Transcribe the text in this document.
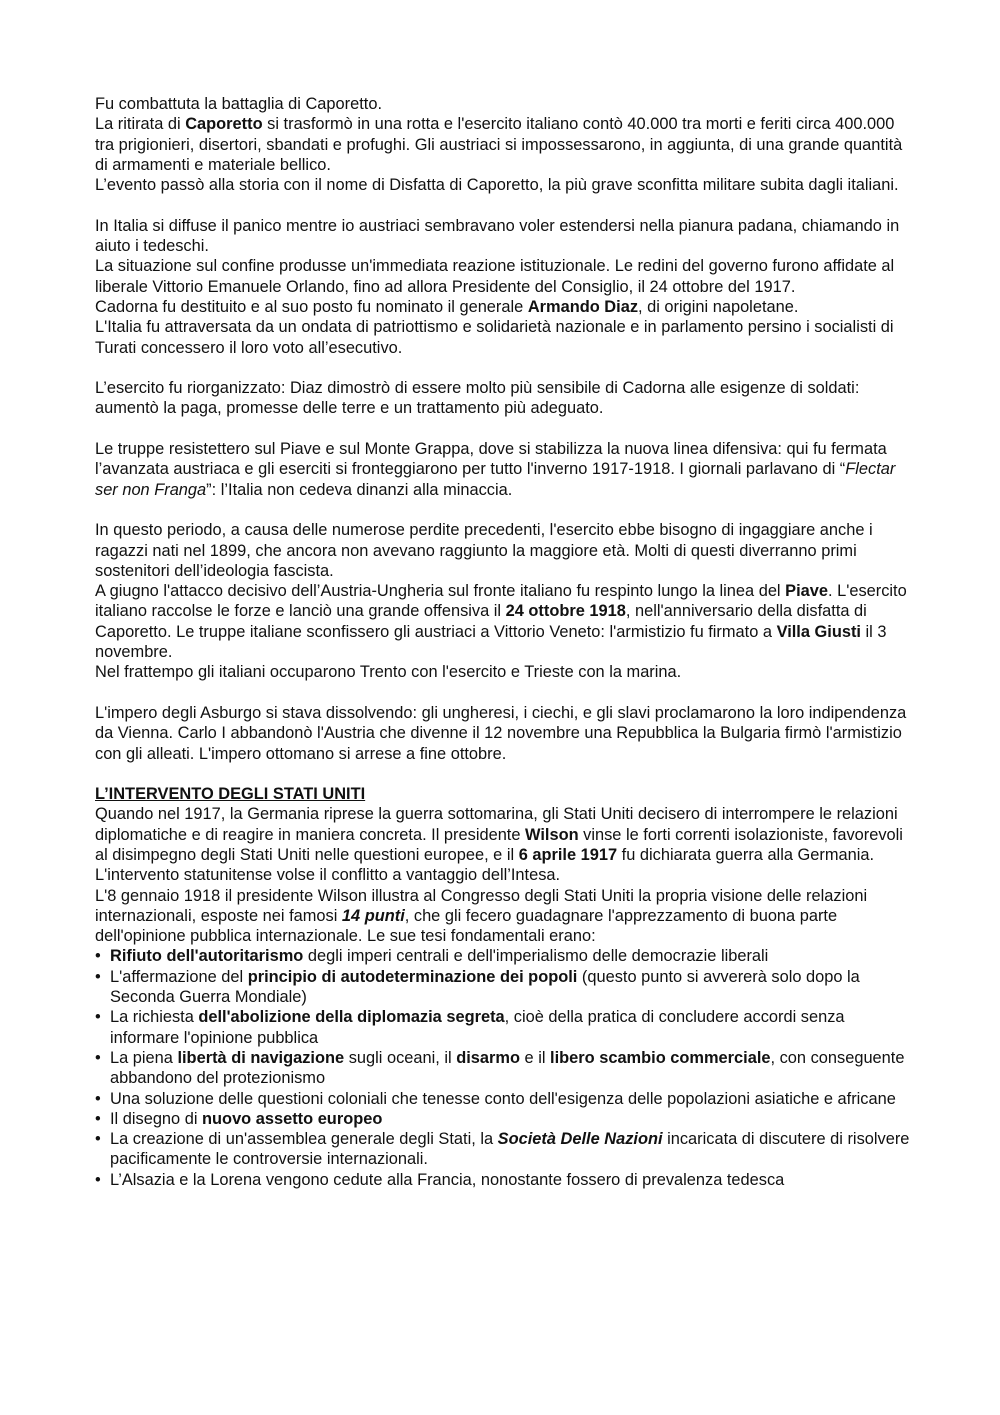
Fu combattuta la battaglia di Caporetto.

La ritirata di Caporetto si trasformò in una rotta e l'esercito italiano contò 40.000 tra morti e feriti circa 400.000 tra prigionieri, disertori, sbandati e profughi. Gli austriaci si impossessarono, in aggiunta, di una grande quantità di armamenti e materiale bellico.

L’evento passò alla storia con il nome di Disfatta di Caporetto, la più grave sconfitta militare subita dagli italiani.

In Italia si diffuse il panico mentre io austriaci sembravano voler estendersi nella pianura padana, chiamando in aiuto i tedeschi.

La situazione sul confine produsse un'immediata reazione istituzionale. Le redini del governo furono affidate al liberale Vittorio Emanuele Orlando, fino ad allora Presidente del Consiglio, il 24 ottobre del 1917.

Cadorna fu destituito e al suo posto fu nominato il generale Armando Diaz, di origini napoletane.

L'Italia fu attraversata da un ondata di patriottismo e solidarietà nazionale e in parlamento persino i socialisti di Turati concessero il loro voto all’esecutivo.

L’esercito fu riorganizzato: Diaz dimostrò di essere molto più sensibile di Cadorna alle esigenze di soldati: aumentò la paga, promesse delle terre e un trattamento più adeguato.

Le truppe resistettero sul Piave e sul Monte Grappa, dove si stabilizza la nuova linea difensiva: qui fu fermata l’avanzata austriaca e gli eserciti si fronteggiarono per tutto l'inverno 1917-1918. I giornali parlavano di “Flectar ser non Franga”: l’Italia non cedeva dinanzi alla minaccia.

In questo periodo, a causa delle numerose perdite precedenti, l'esercito ebbe bisogno di ingaggiare anche i ragazzi nati nel 1899, che ancora non avevano raggiunto la maggiore età. Molti di questi diverranno primi sostenitori dell’ideologia fascista.

A giugno l'attacco decisivo dell’Austria-Ungheria sul fronte italiano fu respinto lungo la linea del Piave. L'esercito italiano raccolse le forze e lanciò una grande offensiva il 24 ottobre 1918, nell'anniversario della disfatta di Caporetto. Le truppe italiane sconfissero gli austriaci a Vittorio Veneto: l'armistizio fu firmato a Villa Giusti il 3 novembre.

Nel frattempo gli italiani occuparono Trento con l'esercito e Trieste con la marina.

L'impero degli Asburgo si stava dissolvendo: gli ungheresi, i ciechi, e gli slavi proclamarono la loro indipendenza da Vienna. Carlo I abbandonò l'Austria che divenne il 12 novembre una Repubblica la Bulgaria firmò l'armistizio con gli alleati. L'impero ottomano si arrese a fine ottobre.

L’INTERVENTO DEGLI STATI UNITI

Quando nel 1917, la Germania riprese la guerra sottomarina, gli Stati Uniti decisero di interrompere le relazioni diplomatiche e di reagire in maniera concreta. Il presidente Wilson vinse le forti correnti isolazioniste, favorevoli al disimpegno degli Stati Uniti nelle questioni europee, e il 6 aprile 1917 fu dichiarata guerra alla Germania. L'intervento statunitense volse il conflitto a vantaggio dell’Intesa.

L'8 gennaio 1918 il presidente Wilson illustra al Congresso degli Stati Uniti la propria visione delle relazioni internazionali, esposte nei famosi 14 punti, che gli fecero guadagnare l'apprezzamento di buona parte dell'opinione pubblica internazionale. Le sue tesi fondamentali erano:

• Rifiuto dell'autoritarismo degli imperi centrali e dell'imperialismo delle democrazie liberali
• L'affermazione del principio di autodeterminazione dei popoli (questo punto si avvererà solo dopo la Seconda Guerra Mondiale)
• La richiesta dell'abolizione della diplomazia segreta, cioè della pratica di concludere accordi senza informare l'opinione pubblica
• La piena libertà di navigazione sugli oceani, il disarmo e il libero scambio commerciale, con conseguente abbandono del protezionismo
• Una soluzione delle questioni coloniali che tenesse conto dell'esigenza delle popolazioni asiatiche e africane
• Il disegno di nuovo assetto europeo
• La creazione di un'assemblea generale degli Stati, la Società Delle Nazioni incaricata di discutere di risolvere pacificamente le controversie internazionali.
• L’Alsazia e la Lorena vengono cedute alla Francia, nonostante fossero di prevalenza tedesca
